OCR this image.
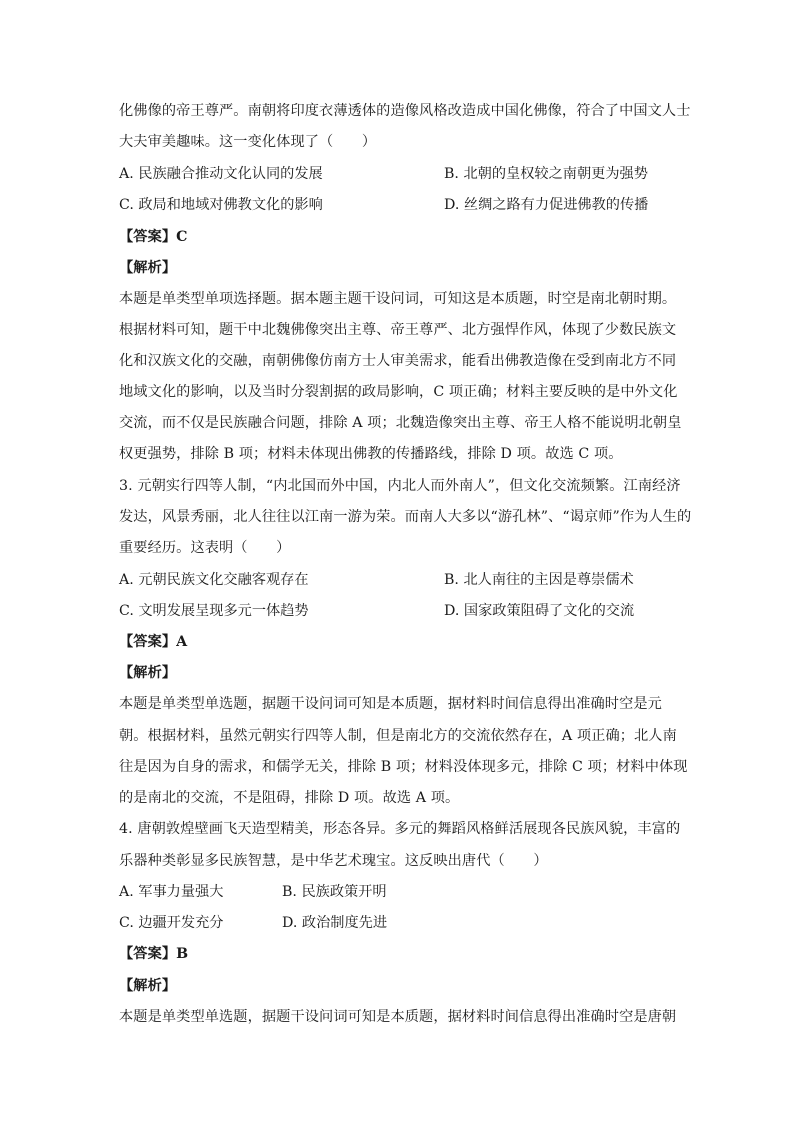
化佛像的帝王尊严。南朝将印度衣薄透体的造像风格改造成中国化佛像，符合了中国文人士
大夫审美趣味。这一变化体现了（　　）
A. 民族融合推动文化认同的发展	B. 北朝的皇权较之南朝更为强势
C. 政局和地域对佛教文化的影响	D. 丝绸之路有力促进佛教的传播
【答案】C
【解析】
本题是单类型单项选择题。据本题主题干设问词，可知这是本质题，时空是南北朝时期。
根据材料可知，题干中北魏佛像突出主尊、帝王尊严、北方强悍作风，体现了少数民族文
化和汉族文化的交融，南朝佛像仿南方士人审美需求，能看出佛教造像在受到南北方不同
地域文化的影响，以及当时分裂割据的政局影响，C 项正确；材料主要反映的是中外文化
交流，而不仅是民族融合问题，排除 A 项；北魏造像突出主尊、帝王人格不能说明北朝皇
权更强势，排除 B 项；材料未体现出佛教的传播路线，排除 D 项。故选 C 项。
3. 元朝实行四等人制，“内北国而外中国，内北人而外南人”，但文化交流频繁。江南经济
发达，风景秀丽，北人往往以江南一游为荣。而南人大多以“游孔林”、“谒京师”作为人生的
重要经历。这表明（　　）
A. 元朝民族文化交融客观存在	B. 北人南往的主因是尊崇儒术
C. 文明发展呈现多元一体趋势	D. 国家政策阻碍了文化的交流
【答案】A
【解析】
本题是单类型单选题，据题干设问词可知是本质题，据材料时间信息得出准确时空是元
朝。根据材料，虽然元朝实行四等人制，但是南北方的交流依然存在，A 项正确；北人南
往是因为自身的需求，和儒学无关，排除 B 项；材料没体现多元，排除 C 项；材料中体现
的是南北的交流，不是阻碍，排除 D 项。故选 A 项。
4. 唐朝敦煌壁画飞天造型精美，形态各异。多元的舞蹈风格鲜活展现各民族风貌，丰富的
乐器种类彰显多民族智慧，是中华艺术瑰宝。这反映出唐代（　　）
A. 军事力量强大	B. 民族政策开明
C. 边疆开发充分	D. 政治制度先进
【答案】B
【解析】
本题是单类型单选题，据题干设问词可知是本质题，据材料时间信息得出准确时空是唐朝
